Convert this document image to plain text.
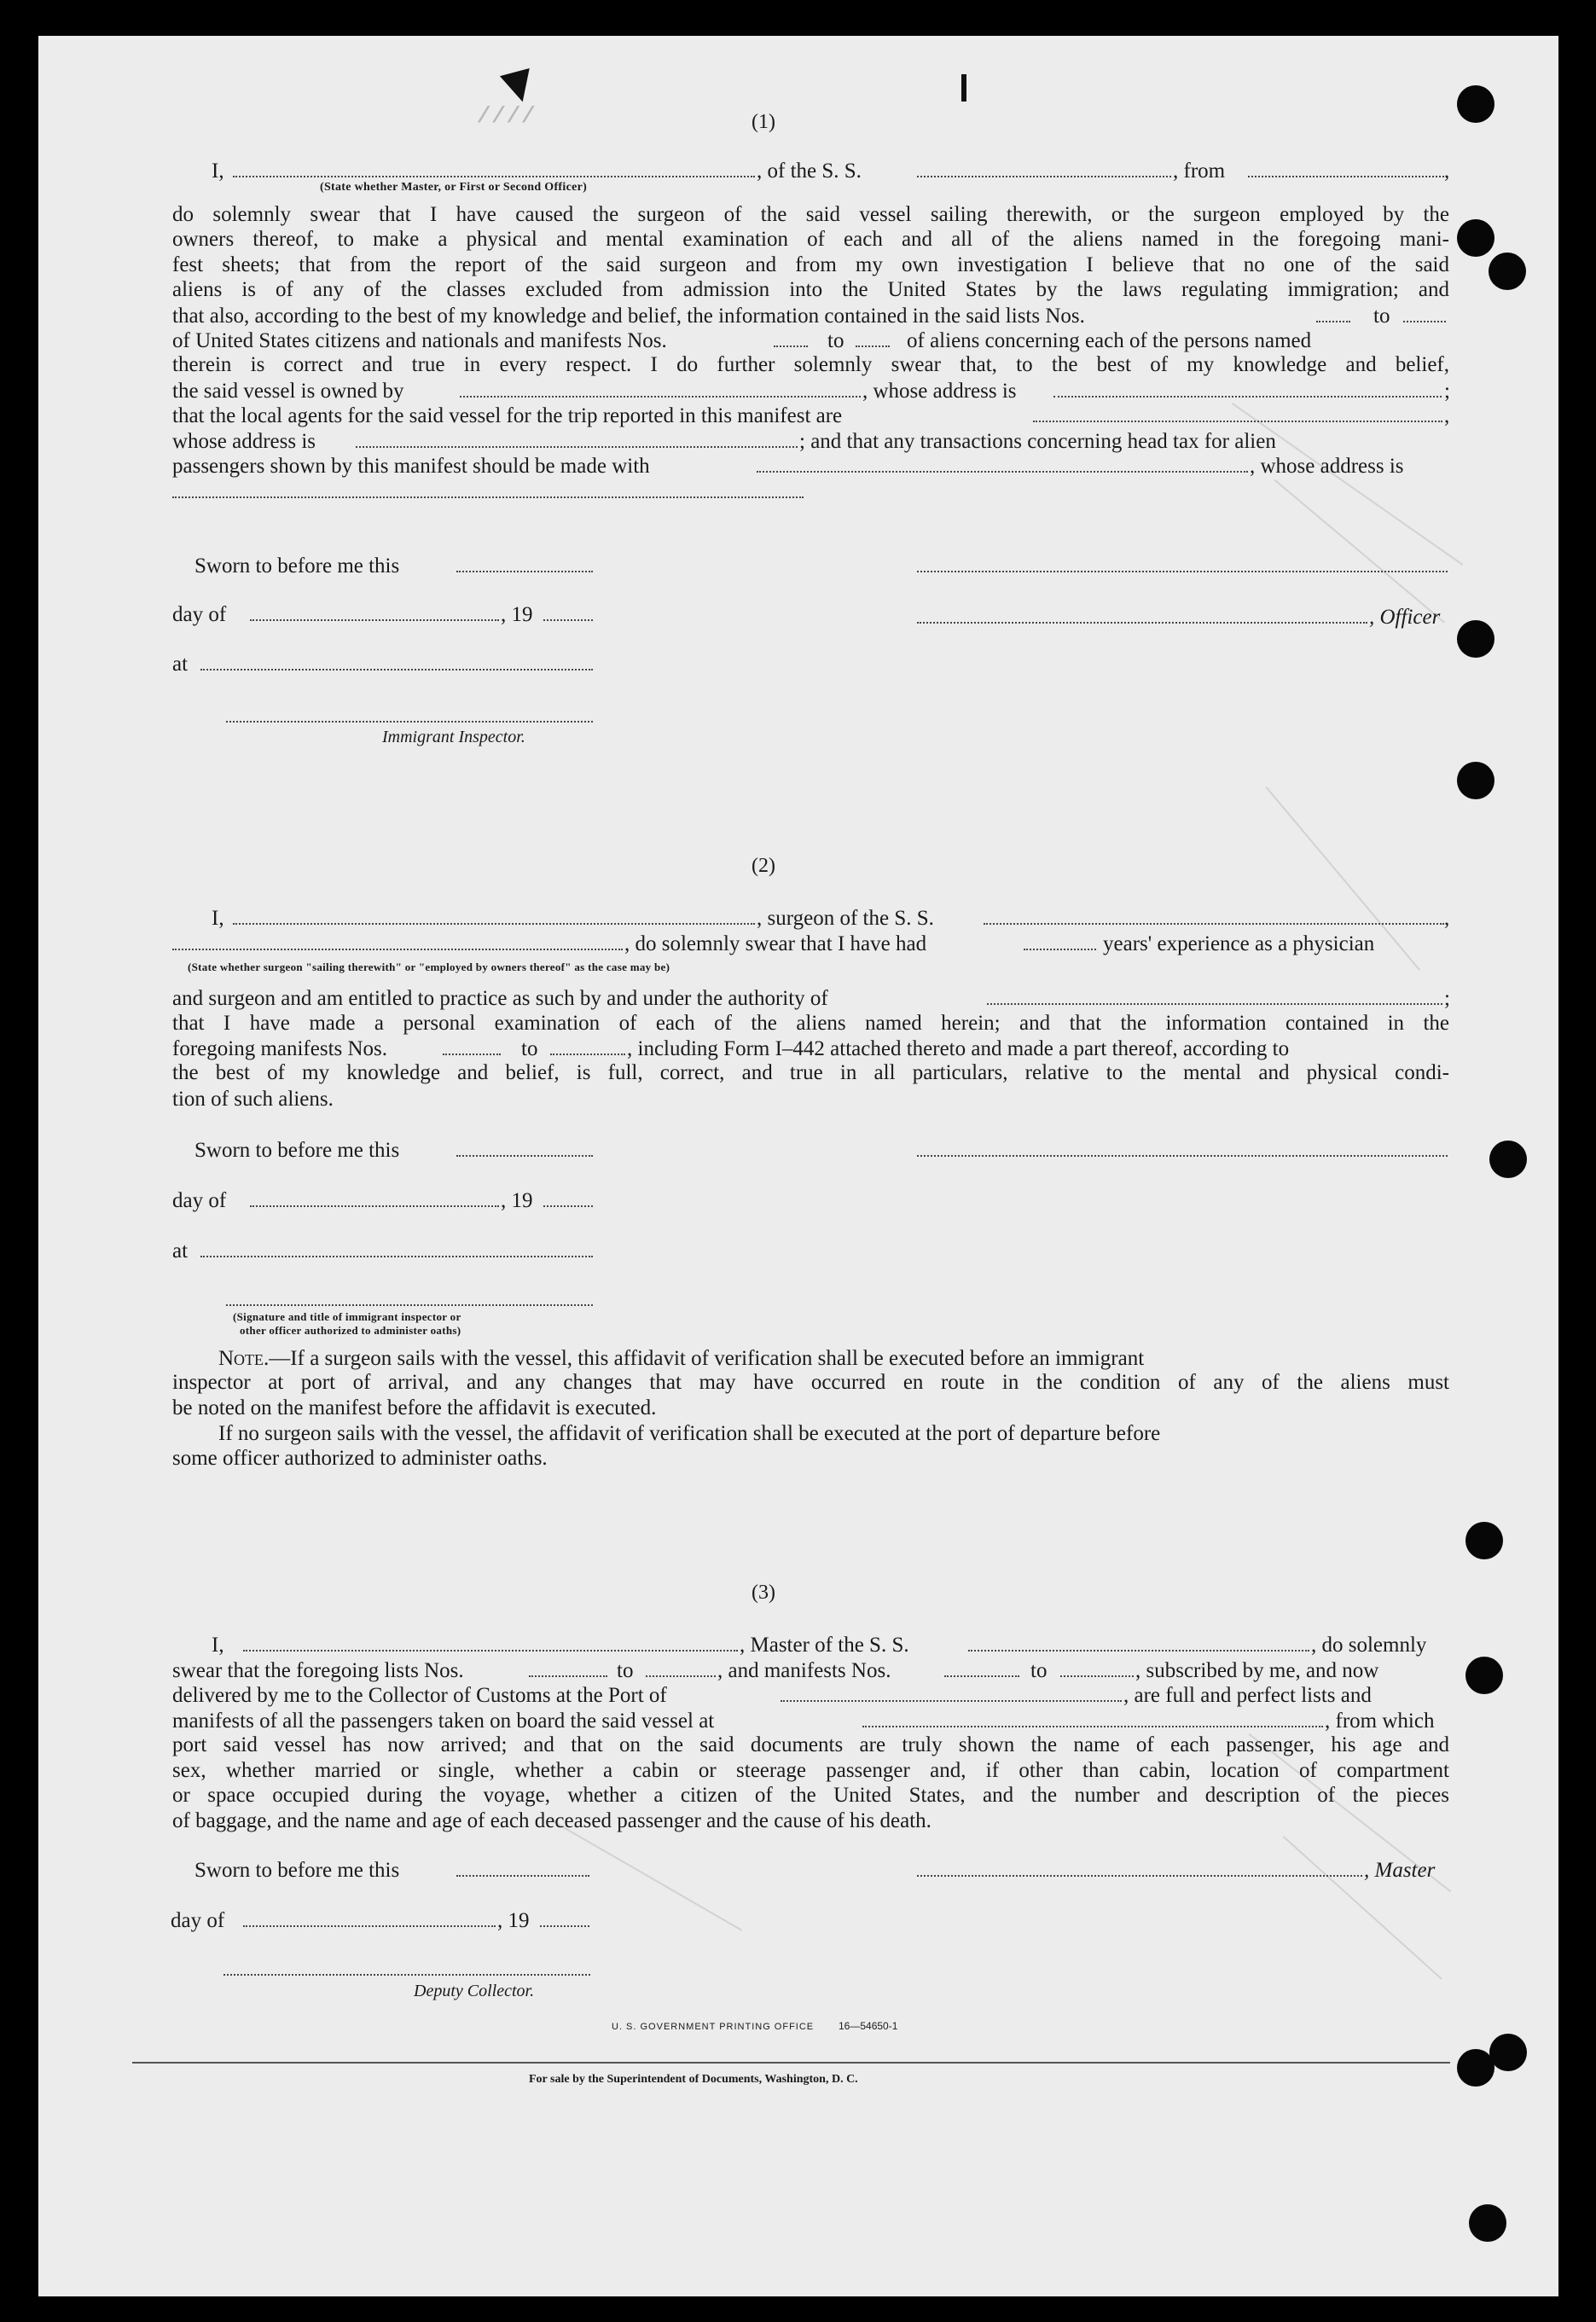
⁄ ⁄ ⁄ ⁄	(1)
I,	, of the S. S.	, from	,
(State whether Master, or First or Second Officer)
do solemnly swear that I have caused the surgeon of the said vessel sailing therewith, or the surgeon employed by the
owners thereof, to make a physical and mental examination of each and all of the aliens named in the foregoing mani-
fest sheets; that from the report of the said surgeon and from my own investigation I believe that no one of the said
aliens is of any of the classes excluded from admission into the United States by the laws regulating immigration; and
that also, according to the best of my knowledge and belief, the information contained in the said lists Nos.	to
of United States citizens and nationals and manifests Nos.	to	of aliens concerning each of the persons named
therein is correct and true in every respect. I do further solemnly swear that, to the best of my knowledge and belief,
the said vessel is owned by	, whose address is	;
that the local agents for the said vessel for the trip reported in this manifest are	,
whose address is	; and that any transactions concerning head tax for alien
passengers shown by this manifest should be made with	, whose address is
Sworn to before me this
day of	, 19	, Officer
at
Immigrant Inspector.
(2)
I,	, surgeon of the S. S.	,
, do solemnly swear that I have had	years' experience as a physician
(State whether surgeon "sailing therewith" or "employed by owners thereof" as the case may be)
and surgeon and am entitled to practice as such by and under the authority of	;
that I have made a personal examination of each of the aliens named herein; and that the information contained in the
foregoing manifests Nos.	to	, including Form I–442 attached thereto and made a part thereof, according to
the best of my knowledge and belief, is full, correct, and true in all particulars, relative to the mental and physical condi-
tion of such aliens.
Sworn to before me this
day of	, 19
at
(Signature and title of immigrant inspector or
other officer authorized to administer oaths)
Note.—If a surgeon sails with the vessel, this affidavit of verification shall be executed before an immigrant
inspector at port of arrival, and any changes that may have occurred en route in the condition of any of the aliens must
be noted on the manifest before the affidavit is executed.
If no surgeon sails with the vessel, the affidavit of verification shall be executed at the port of departure before
some officer authorized to administer oaths.
(3)
I,	, Master of the S. S.	, do solemnly
swear that the foregoing lists Nos.	to	, and manifests Nos.	to	, subscribed by me, and now
delivered by me to the Collector of Customs at the Port of	, are full and perfect lists and
manifests of all the passengers taken on board the said vessel at	, from which
port said vessel has now arrived; and that on the said documents are truly shown the name of each passenger, his age and
sex, whether married or single, whether a cabin or steerage passenger and, if other than cabin, location of compartment
or space occupied during the voyage, whether a citizen of the United States, and the number and description of the pieces
of baggage, and the name and age of each deceased passenger and the cause of his death.
Sworn to before me this	, Master
day of	, 19
Deputy Collector.
U. S. GOVERNMENT PRINTING OFFICE 16—54650-1
For sale by the Superintendent of Documents, Washington, D. C.
